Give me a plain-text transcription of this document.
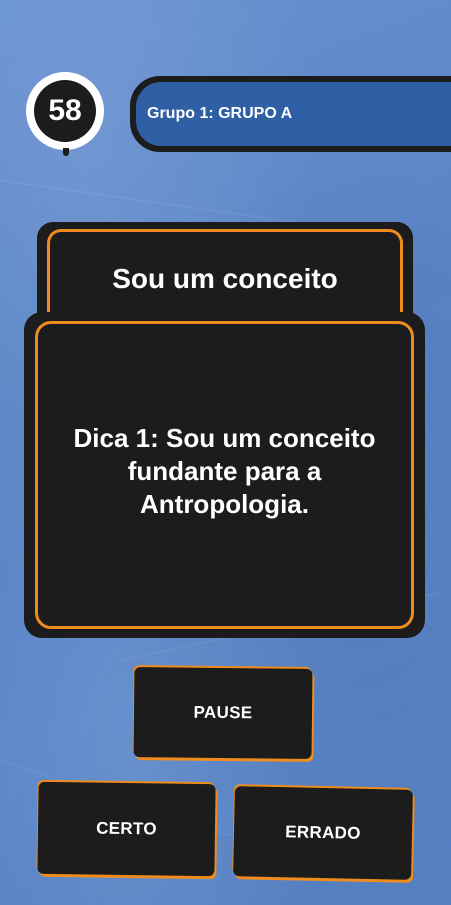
58	Grupo 1: GRUPO A
Sou um conceito
Dica 1: Sou um conceito fundante para a Antropologia.
PAUSE
CERTO	ERRADO
